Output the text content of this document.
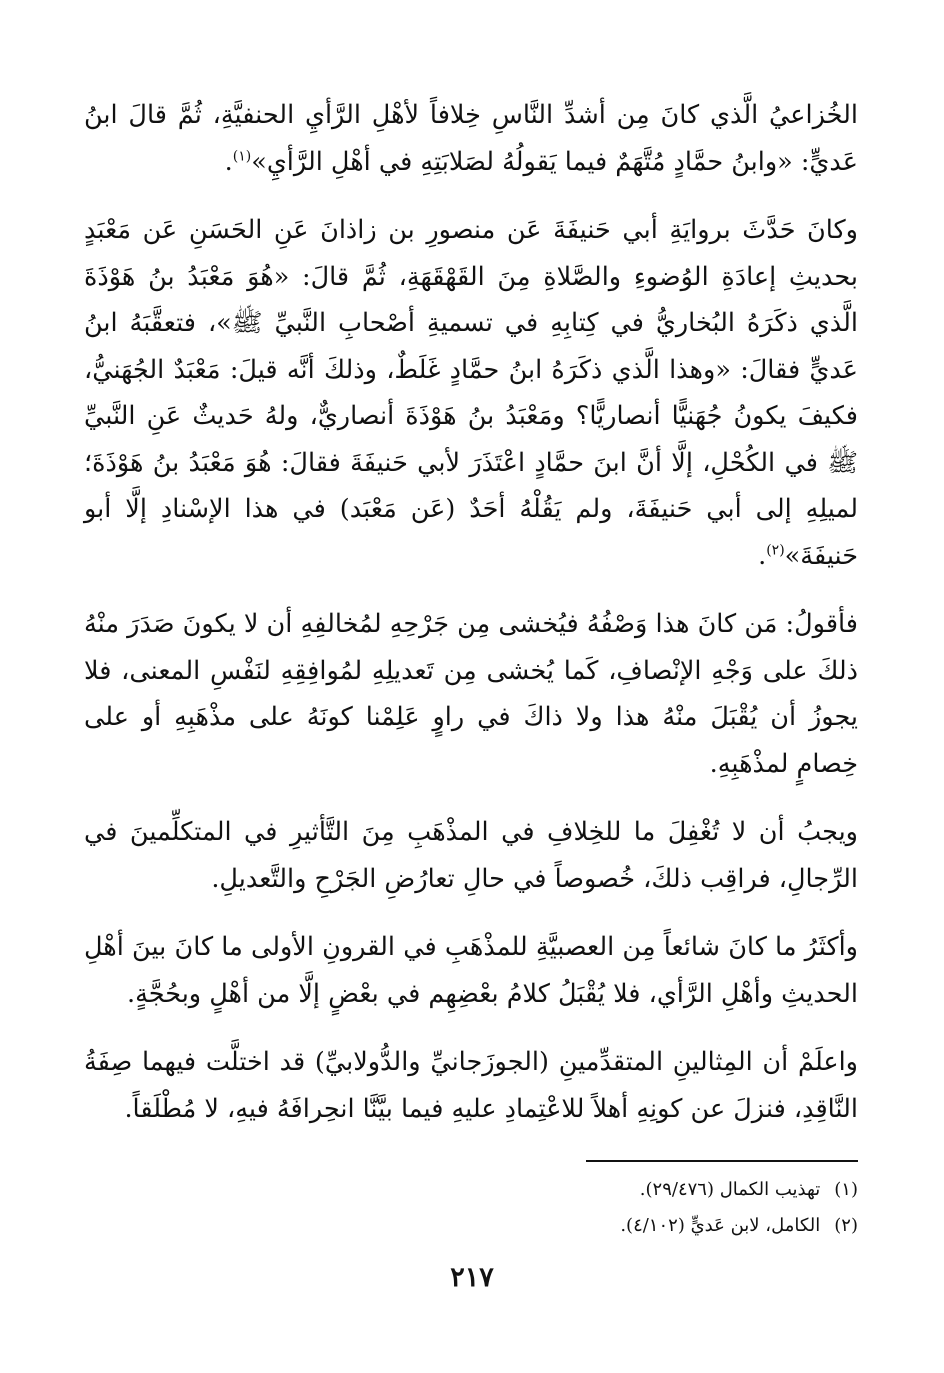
الخُزاعيُ الَّذي كانَ مِن أشدِّ النَّاسِ خِلافاً لأهْلِ الرَّأيِ الحنفيَّةِ، ثُمَّ قالَ ابنُ عَديٍّ: «وابنُ حمَّادٍ مُتَّهَمٌ فيما يَقولُهُ لصَلابَتِهِ في أهْلِ الرَّأيِ»$^{(١)}$.

وكانَ حَدَّثَ بروايَةِ أبي حَنيفَةَ عَن منصورِ بن زاذانَ عَنِ الحَسَنِ عَن مَعْبَدٍ بحديثِ إعادَةِ الوُضوءِ والصَّلاةِ مِنَ القَهْقَهَةِ، ثُمَّ قالَ: «هُوَ مَعْبَدُ بنُ هَوْذَةَ الَّذي ذكَرَهُ البُخاريُّ في كِتابِهِ في تسميةِ أصْحابِ النَّبيِّ ﷺ»، فتعقَّبَهُ ابنُ عَديٍّ فقالَ: «وهذا الَّذي ذكَرَهُ ابنُ حمَّادٍ غَلَطٌ، وذلكَ أنَّه قيلَ: مَعْبَدٌ الجُهَنيُّ، فكيفَ يكونُ جُهَنيًّا أنصاريًّا؟ ومَعْبَدُ بنُ هَوْذَةَ أنصاريٌّ، ولهُ حَديثٌ عَنِ النَّبيِّ ﷺ في الكُحْلِ، إلَّا أنَّ ابنَ حمَّادٍ اعْتَذَرَ لأبي حَنيفَةَ فقالَ: هُوَ مَعْبَدُ بنُ هَوْذَةَ؛ لميلِهِ إلى أبي حَنيفَةَ، ولم يَقُلْهُ أحَدٌ (عَن مَعْبَد) في هذا الإسْنادِ إلَّا أبو حَنيفَةَ»$^{(٢)}$.

فأقولُ: مَن كانَ هذا وَصْفُهُ فيُخشى مِن جَرْحِهِ لمُخالفِهِ أن لا يكونَ صَدَرَ منْهُ ذلكَ على وَجْهِ الإنْصافِ، كَما يُخشى مِن تَعديلِهِ لمُوافِقِهِ لنَفْسِ المعنى، فلا يجوزُ أن يُقْبَلَ منْهُ هذا ولا ذاكَ في راوٍ عَلِمْنا كونَهُ على مذْهَبِهِ أو على خِصامٍ لمذْهَبِهِ.

ويجبُ أن لا تُغْفِلَ ما للخِلافِ في المذْهَبِ مِنَ التَّأثيرِ في المتكلِّمينَ في الرِّجالِ، فراقِب ذلكَ، خُصوصاً في حالِ تعارُضِ الجَرْحِ والتَّعديلِ.

وأكثَرُ ما كانَ شائعاً مِن العصبيَّةِ للمذْهَبِ في القرونِ الأولى ما كانَ بينَ أهْلِ الحديثِ وأهْلِ الرَّأي، فلا يُقْبَلُ كلامُ بعْضِهِم في بعْضٍ إلَّا من أهْلٍ وبحُجَّةٍ.

واعلَمْ أن المِثالينِ المتقدِّمينِ (الجوزَجانيِّ والدُّولابيِّ) قد اختلَّت فيهما صِفَةُ النَّاقِدِ، فنزلَ عن كونِهِ أهلاً للاعْتِمادِ عليهِ فيما بيَّنَّا انحِرافَهُ فيهِ، لا مُطْلَقاً.

(١)تهذيب الكمال (٢٩/٤٧٦).

(٢)الكامل، لابن عَديٍّ (٤/١٠٢).

٢١٧
